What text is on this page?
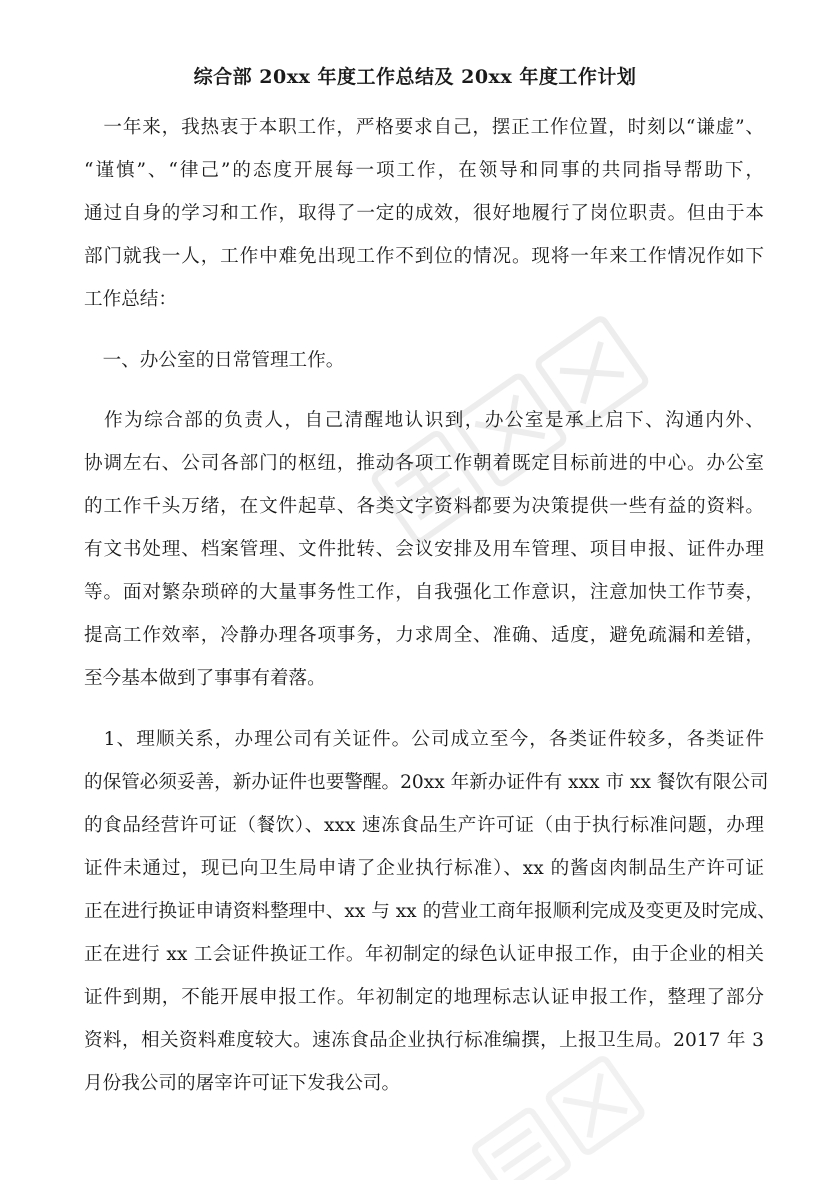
综合部 20xx 年度工作总结及 20xx 年度工作计划
　一年来，我热衷于本职工作，严格要求自己，摆正工作位置，时刻以“谦虚”、
“谨慎”、“律己”的态度开展每一项工作，在领导和同事的共同指导帮助下，
通过自身的学习和工作，取得了一定的成效，很好地履行了岗位职责。但由于本
部门就我一人，工作中难免出现工作不到位的情况。现将一年来工作情况作如下
工作总结：
　一、办公室的日常管理工作。
　作为综合部的负责人，自己清醒地认识到，办公室是承上启下、沟通内外、
协调左右、公司各部门的枢纽，推动各项工作朝着既定目标前进的中心。办公室
的工作千头万绪，在文件起草、各类文字资料都要为决策提供一些有益的资料。
有文书处理、档案管理、文件批转、会议安排及用车管理、项目申报、证件办理
等。面对繁杂琐碎的大量事务性工作，自我强化工作意识，注意加快工作节奏，
提高工作效率，冷静办理各项事务，力求周全、准确、适度，避免疏漏和差错，
至今基本做到了事事有着落。
　1、理顺关系，办理公司有关证件。公司成立至今，各类证件较多，各类证件
的保管必须妥善，新办证件也要警醒。20xx 年新办证件有 xxx 市 xx 餐饮有限公司
的食品经营许可证（餐饮）、xxx 速冻食品生产许可证（由于执行标准问题，办理
证件未通过，现已向卫生局申请了企业执行标准）、xx 的酱卤肉制品生产许可证
正在进行换证申请资料整理中、xx 与 xx 的营业工商年报顺利完成及变更及时完成、
正在进行 xx 工会证件换证工作。年初制定的绿色认证申报工作，由于企业的相关
证件到期，不能开展申报工作。年初制定的地理标志认证申报工作，整理了部分
资料，相关资料难度较大。速冻食品企业执行标准编撰，上报卫生局。2017 年 3
月份我公司的屠宰许可证下发我公司。
